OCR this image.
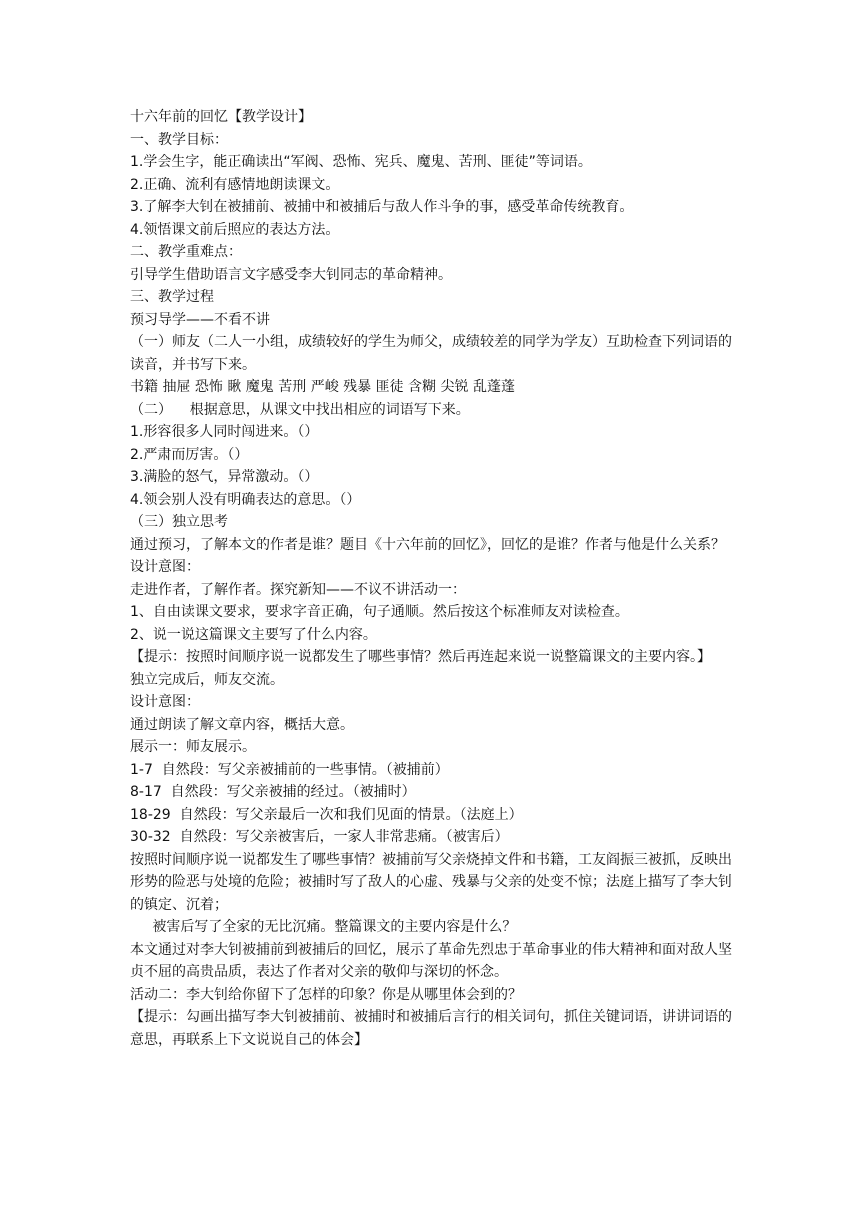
十六年前的回忆【教学设计】

一、教学目标：

1.学会生字，能正确读出“军阀、恐怖、宪兵、魔鬼、苦刑、匪徒”等词语。

2.正确、流利有感情地朗读课文。

3.了解李大钊在被捕前、被捕中和被捕后与敌人作斗争的事，感受革命传统教育。

4.领悟课文前后照应的表达方法。

二、教学重难点：

引导学生借助语言文字感受李大钊同志的革命精神。

三、教学过程

预习导学——不看不讲

（一）师友（二人一小组，成绩较好的学生为师父，成绩较差的同学为学友）互助检查下列词语的读音，并书写下来。

书籍 抽屉 恐怖 瞅 魔鬼 苦刑 严峻 残暴 匪徒 含糊 尖锐 乱蓬蓬

（二）    根据意思，从课文中找出相应的词语写下来。

1.形容很多人同时闯进来。（）

2.严肃而厉害。（）

3.满脸的怒气，异常激动。（）

4.领会别人没有明确表达的意思。（）

（三）独立思考

通过预习，了解本文的作者是谁？题目《十六年前的回忆》，回忆的是谁？作者与他是什么关系？

设计意图：

走进作者，了解作者。探究新知——不议不讲活动一：

1、自由读课文要求，要求字音正确，句子通顺。然后按这个标准师友对读检查。

2、说一说这篇课文主要写了什么内容。

【提示：按照时间顺序说一说都发生了哪些事情？然后再连起来说一说整篇课文的主要内容。】

独立完成后，师友交流。

设计意图：

通过朗读了解文章内容，概括大意。

展示一：师友展示。

1-7  自然段：写父亲被捕前的一些事情。（被捕前）

8-17  自然段：写父亲被捕的经过。（被捕时）

18-29  自然段：写父亲最后一次和我们见面的情景。（法庭上）

30-32  自然段：写父亲被害后，一家人非常悲痛。（被害后）

按照时间顺序说一说都发生了哪些事情？被捕前写父亲烧掉文件和书籍，工友阎振三被抓，反映出形势的险恶与处境的危险；被捕时写了敌人的心虚、残暴与父亲的处变不惊；法庭上描写了李大钊的镇定、沉着；

被害后写了全家的无比沉痛。整篇课文的主要内容是什么？

本文通过对李大钊被捕前到被捕后的回忆，展示了革命先烈忠于革命事业的伟大精神和面对敌人坚贞不屈的高贵品质，表达了作者对父亲的敬仰与深切的怀念。

活动二：李大钊给你留下了怎样的印象？你是从哪里体会到的？

【提示：勾画出描写李大钊被捕前、被捕时和被捕后言行的相关词句，抓住关键词语，讲讲词语的意思，再联系上下文说说自己的体会】
